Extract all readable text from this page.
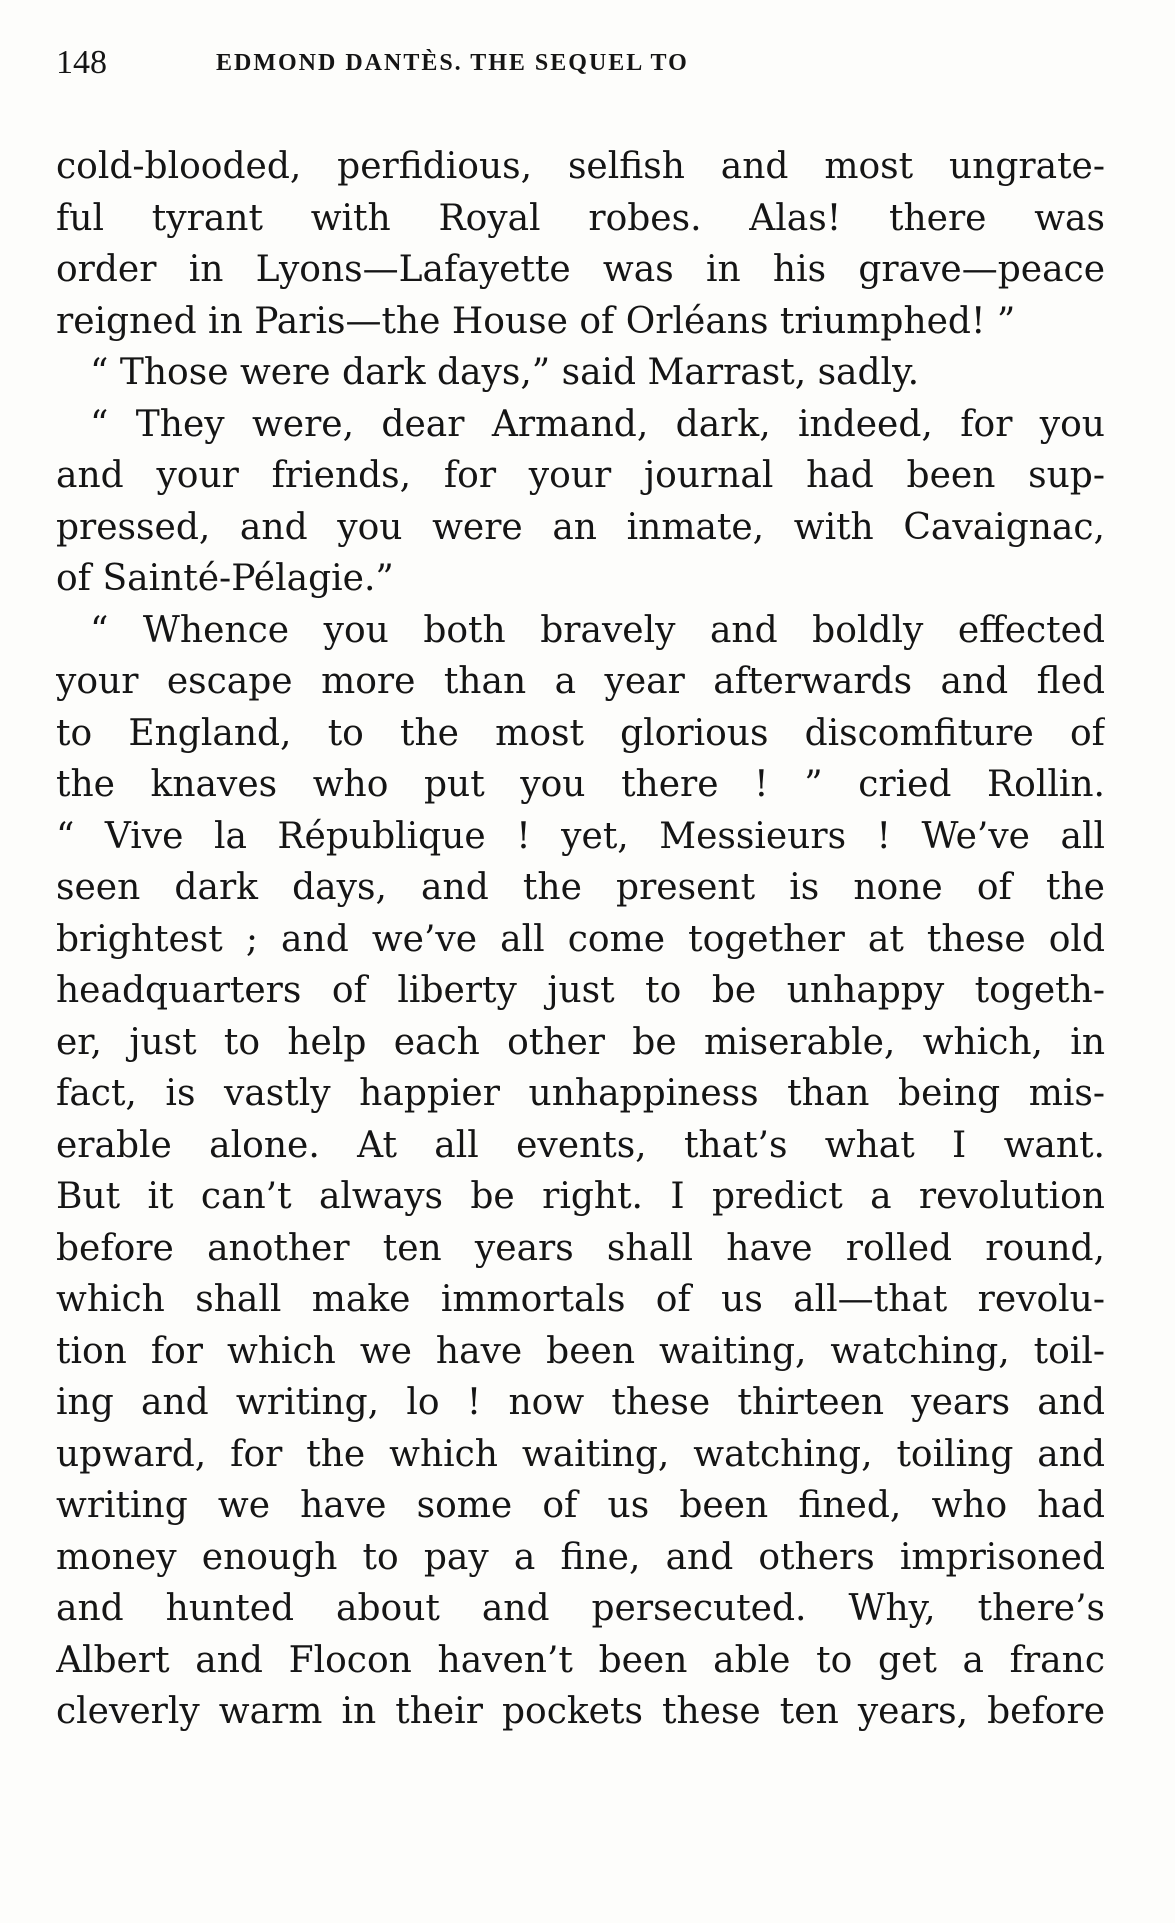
148	EDMOND DANTÈS. THE SEQUEL TO
cold-blooded, perfidious, selfish and most ungrate-
ful tyrant with Royal robes. Alas! there was
order in Lyons—Lafayette was in his grave—peace
reigned in Paris—the House of Orléans triumphed! ”
“ Those were dark days,” said Marrast, sadly.
“ They were, dear Armand, dark, indeed, for you
and your friends, for your journal had been sup-
pressed, and you were an inmate, with Cavaignac,
of Sainté-Pélagie.”
“ Whence you both bravely and boldly effected
your escape more than a year afterwards and fled
to England, to the most glorious discomfiture of
the knaves who put you there ! ” cried Rollin.
“ Vive la République ! yet, Messieurs ! We’ve all
seen dark days, and the present is none of the
brightest ; and we’ve all come together at these old
headquarters of liberty just to be unhappy togeth-
er, just to help each other be miserable, which, in
fact, is vastly happier unhappiness than being mis-
erable alone. At all events, that’s what I want.
But it can’t always be right. I predict a revolution
before another ten years shall have rolled round,
which shall make immortals of us all—that revolu-
tion for which we have been waiting, watching, toil-
ing and writing, lo ! now these thirteen years and
upward, for the which waiting, watching, toiling and
writing we have some of us been fined, who had
money enough to pay a fine, and others imprisoned
and hunted about and persecuted. Why, there’s
Albert and Flocon haven’t been able to get a franc
cleverly warm in their pockets these ten years, before
